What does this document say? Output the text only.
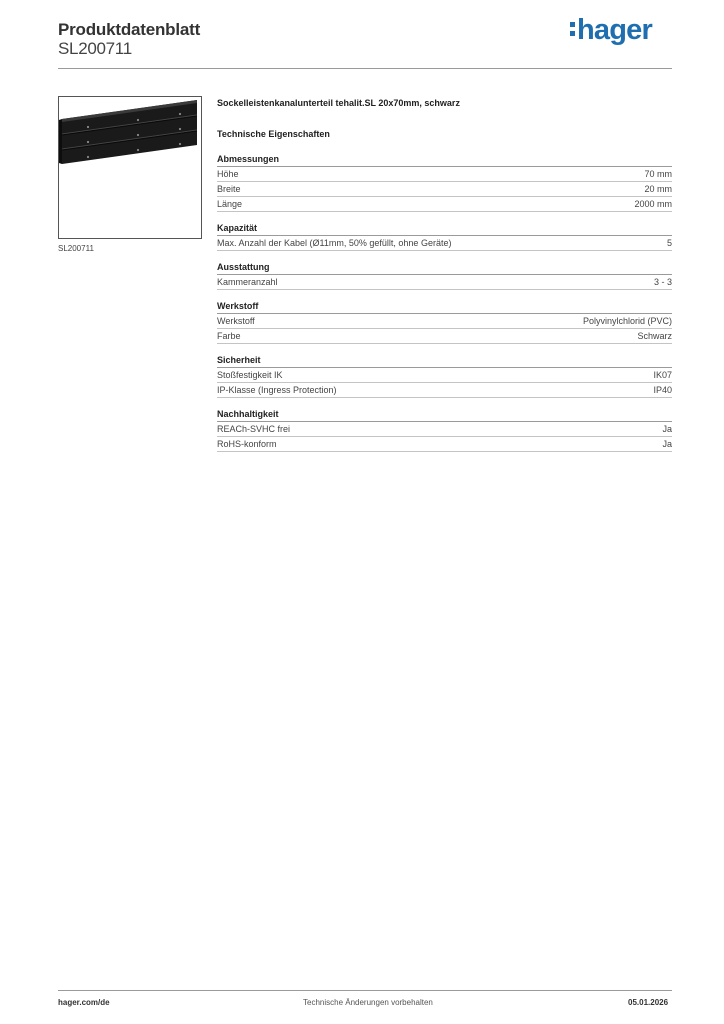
Produktdatenblatt
SL200711
hager
SL200711
Sockelleistenkanalunterteil tehalit.SL 20x70mm, schwarz
Technische Eigenschaften
Abmessungen
Höhe	70 mm
Breite	20 mm
Länge	2000 mm
Kapazität
Max. Anzahl der Kabel (Ø11mm, 50% gefüllt, ohne Geräte)	5
Ausstattung
Kammeranzahl	3 - 3
Werkstoff
Werkstoff	Polyvinylchlorid (PVC)
Farbe	Schwarz
Sicherheit
Stoßfestigkeit IK	IK07
IP-Klasse (Ingress Protection)	IP40
Nachhaltigkeit
REACh-SVHC frei	Ja
RoHS-konform	Ja
hager.com/de	Technische Änderungen vorbehalten	05.01.2026
